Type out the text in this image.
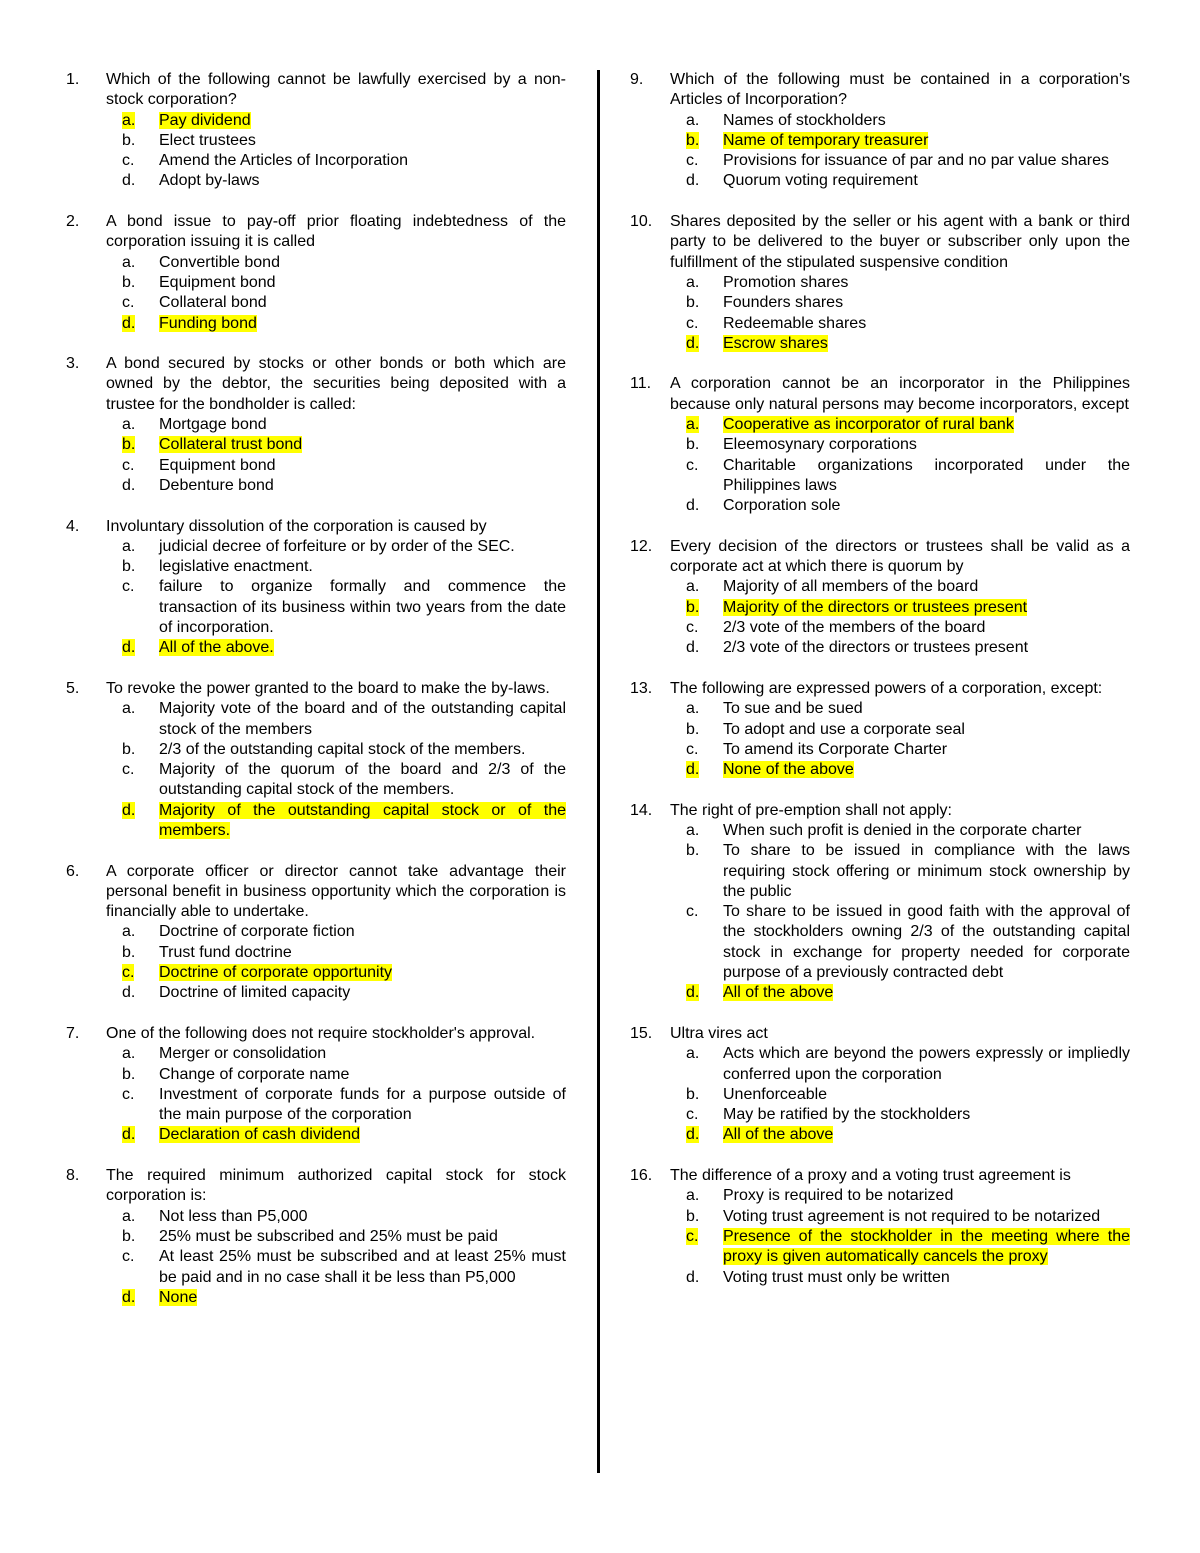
1.	Which of the following cannot be lawfully exercised by a non-stock corporation?
a.	Pay dividend
b.	Elect trustees
c.	Amend the Articles of Incorporation
d.	Adopt by-laws
2.	A bond issue to pay-off prior floating indebtedness of the corporation issuing it is called
a.	Convertible bond
b.	Equipment bond
c.	Collateral bond
d.	Funding bond
3.	A bond secured by stocks or other bonds or both which are owned by the debtor, the securities being deposited with a trustee for the bondholder is called:
a.	Mortgage bond
b.	Collateral trust bond
c.	Equipment bond
d.	Debenture bond
4.	Involuntary dissolution of the corporation is caused by
a.	judicial decree of forfeiture or by order of the SEC.
b.	legislative enactment.
c.	failure to organize formally and commence the transaction of its business within two years from the date of incorporation.
d.	All of the above.
5.	To revoke the power granted to the board to make the by-laws.
a.	Majority vote of the board and of the outstanding capital stock of the members
b.	2/3 of the outstanding capital stock of the members.
c.	Majority of the quorum of the board and 2/3 of the outstanding capital stock of the members.
d.	Majority of the outstanding capital stock or of the members.
6.	A corporate officer or director cannot take advantage their personal benefit in business opportunity which the corporation is financially able to undertake.
a.	Doctrine of corporate fiction
b.	Trust fund doctrine
c.	Doctrine of corporate opportunity
d.	Doctrine of limited capacity
7.	One of the following does not require stockholder's approval.
a.	Merger or consolidation
b.	Change of corporate name
c.	Investment of corporate funds for a purpose outside of the main purpose of the corporation
d.	Declaration of cash dividend
8.	The required minimum authorized capital stock for stock corporation is:
a.	Not less than P5,000
b.	25% must be subscribed and 25% must be paid
c.	At least 25% must be subscribed and at least 25% must be paid and in no case shall it be less than P5,000
d.	None
9.	Which of the following must be contained in a corporation's Articles of Incorporation?
a.	Names of stockholders
b.	Name of temporary treasurer
c.	Provisions for issuance of par and no par value shares
d.	Quorum voting requirement
10.	Shares deposited by the seller or his agent with a bank or third party to be delivered to the buyer or subscriber only upon the fulfillment of the stipulated suspensive condition
a.	Promotion shares
b.	Founders shares
c.	Redeemable shares
d.	Escrow shares
11.	A corporation cannot be an incorporator in the Philippines because only natural persons may become incorporators, except
a.	Cooperative as incorporator of rural bank
b.	Eleemosynary corporations
c.	Charitable organizations incorporated under the Philippines laws
d.	Corporation sole
12.	Every decision of the directors or trustees shall be valid as a corporate act at which there is quorum by
a.	Majority of all members of the board
b.	Majority of the directors or trustees present
c.	2/3 vote of the members of the board
d.	2/3 vote of the directors or trustees present
13.	The following are expressed powers of a corporation, except:
a.	To sue and be sued
b.	To adopt and use a corporate seal
c.	To amend its Corporate Charter
d.	None of the above
14.	The right of pre-emption shall not apply:
a.	When such profit is denied in the corporate charter
b.	To share to be issued in compliance with the laws requiring stock offering or minimum stock ownership by the public
c.	To share to be issued in good faith with the approval of the stockholders owning 2/3 of the outstanding capital stock in exchange for property needed for corporate purpose of a previously contracted debt
d.	All of the above
15.	Ultra vires act
a.	Acts which are beyond the powers expressly or impliedly conferred upon the corporation
b.	Unenforceable
c.	May be ratified by the stockholders
d.	All of the above
16.	The difference of a proxy and a voting trust agreement is
a.	Proxy is required to be notarized
b.	Voting trust agreement is not required to be notarized
c.	Presence of the stockholder in the meeting where the proxy is given automatically cancels the proxy
d.	Voting trust must only be written
